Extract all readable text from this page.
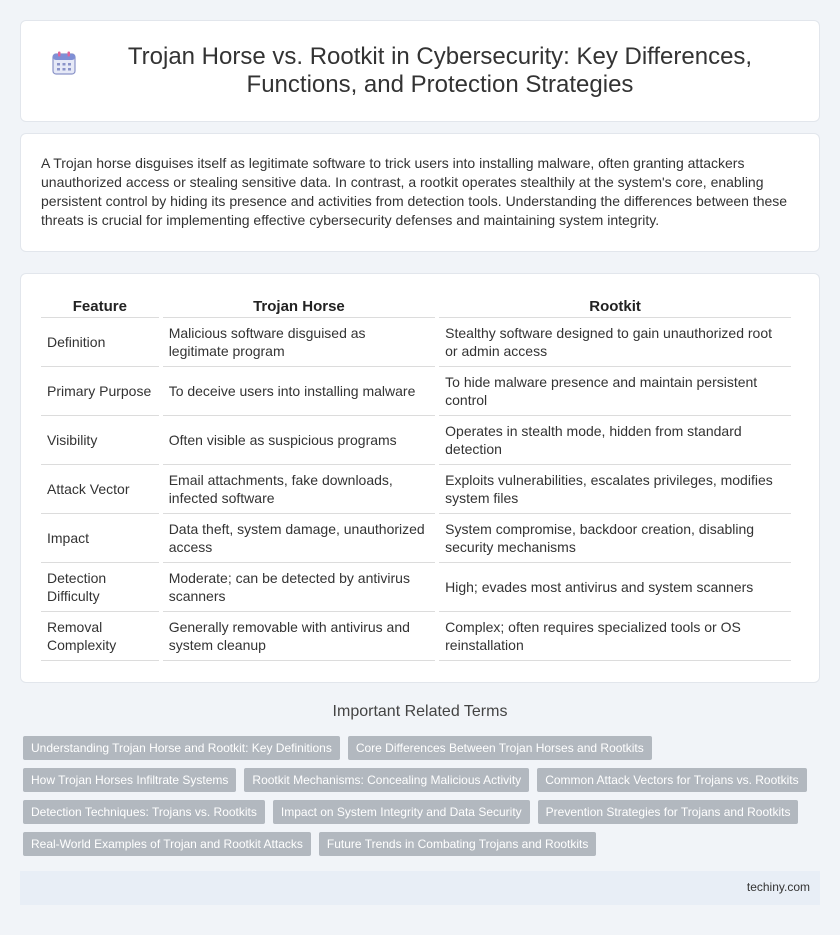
Trojan Horse vs. Rootkit in Cybersecurity: Key Differences, Functions, and Protection Strategies

A Trojan horse disguises itself as legitimate software to trick users into installing malware, often granting attackers unauthorized access or stealing sensitive data. In contrast, a rootkit operates stealthily at the system's core, enabling persistent control by hiding its presence and activities from detection tools. Understanding the differences between these threats is crucial for implementing effective cybersecurity defenses and maintaining system integrity.

Feature	Trojan Horse	Rootkit
Definition	Malicious software disguised as legitimate program	Stealthy software designed to gain unauthorized root or admin access
Primary Purpose	To deceive users into installing malware	To hide malware presence and maintain persistent control
Visibility	Often visible as suspicious programs	Operates in stealth mode, hidden from standard detection
Attack Vector	Email attachments, fake downloads, infected software	Exploits vulnerabilities, escalates privileges, modifies system files
Impact	Data theft, system damage, unauthorized access	System compromise, backdoor creation, disabling security mechanisms
Detection Difficulty	Moderate; can be detected by antivirus scanners	High; evades most antivirus and system scanners
Removal Complexity	Generally removable with antivirus and system cleanup	Complex; often requires specialized tools or OS reinstallation
Important Related Terms
Understanding Trojan Horse and Rootkit: Key Definitions	Core Differences Between Trojan Horses and Rootkits
How Trojan Horses Infiltrate Systems	Rootkit Mechanisms: Concealing Malicious Activity	Common Attack Vectors for Trojans vs. Rootkits
Detection Techniques: Trojans vs. Rootkits	Impact on System Integrity and Data Security	Prevention Strategies for Trojans and Rootkits
Real-World Examples of Trojan and Rootkit Attacks	Future Trends in Combating Trojans and Rootkits
techiny.com
